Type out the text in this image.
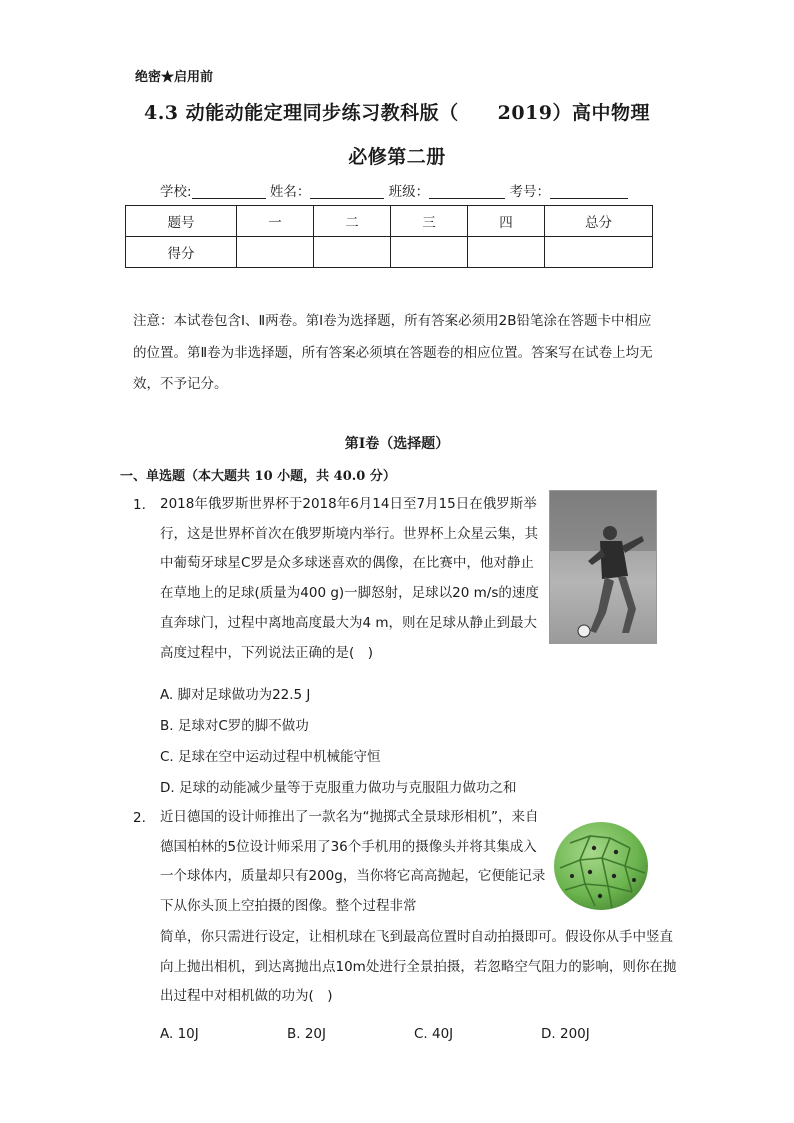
绝密★启用前
4.3 动能动能定理同步练习教科版（　　2019）高中物理
必修第二册
学校:	姓名：	班级：	考号：
题号	一	二	三	四	总分
得分					
注意：本试卷包含Ⅰ、Ⅱ两卷。第Ⅰ卷为选择题，所有答案必须用2B铅笔涂在答题卡中相应的位置。第Ⅱ卷为非选择题，所有答案必须填在答题卷的相应位置。答案写在试卷上均无效，不予记分。
第Ⅰ卷（选择题）
一、单选题（本大题共 10 小题，共 40.0 分）
1. 2018年俄罗斯世界杯于2018年6月14日至7月15日在俄罗斯举行，这是世界杯首次在俄罗斯境内举行。世界杯上众星云集，其中葡萄牙球星C罗是众多球迷喜欢的偶像，在比赛中，他对静止在草地上的足球(质量为400 g)一脚怒射，足球以20 m/s的速度直奔球门，过程中离地高度最大为4 m，则在足球从静止到最大高度过程中，下列说法正确的是(　)
A. 脚对足球做功为22.5 J
B. 足球对C罗的脚不做功
C. 足球在空中运动过程中机械能守恒
D. 足球的动能减少量等于克服重力做功与克服阻力做功之和
2. 近日德国的设计师推出了一款名为“抛掷式全景球形相机”，来自德国柏林的5位设计师采用了36个手机用的摄像头并将其集成入一个球体内，质量却只有200g，当你将它高高抛起，它便能记录下从你头顶上空拍摄的图像。整个过程非常
简单，你只需进行设定，让相机球在飞到最高位置时自动拍摄即可。假设你从手中竖直向上抛出相机，到达离抛出点10m处进行全景拍摄，若忽略空气阻力的影响，则你在抛出过程中对相机做的功为(　)
A. 10J	B. 20J	C. 40J	D. 200J
